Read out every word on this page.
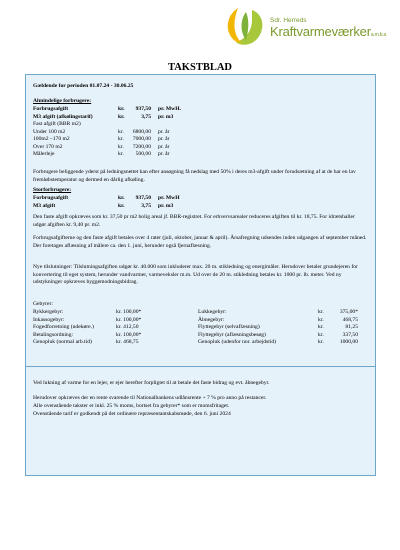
Sdr. Herreds
Kraftvarmeværkera.m.b.a
TAKSTBLAD
Gældende for perioden 01.07.24 - 30.06.25
Almindelige forbrugere:
Forbrugsafgift	kr.	937,50 pr. MwH.
M3 afgift (afkølingstarif)	kr.	3,75 pr. m3
Fast afgift (BBR m2)
Under 100 m2	kr.	6800,00 pr. år
100m2 –170 m2	kr.	7000,00 pr. år
Over 170 m2	kr.	7200,00 pr. år
Målerleje	kr.	500,00 pr. år
Forbrugere beliggende yderst på ledningsnettet kan efter ansøgning få nedslag med 50% i deres m3-afgift under forudsætning af at de har en lav fremløbstemperatur og dermed en dårlig afkøling.
Storforbrugere:
Forbrugsafgift	kr.	937,50 pr. MwH
M3 afgift	kr.	3,75 pr. m3
Den faste afgift opkræves som kr. 37,50 pr m2 bolig areal jf. BBR-registret. For erhvervsarealer reduceres afgiften til kr. 18,75. For idrætshaller udgør afgiften kr. 9,40 pr. m2.
Forbrugsafgifterne og den faste afgift betales over 4 rater (juli, oktober, januar & april). Årsafregning udsendes inden udgangen af september måned. Der foretages aflæsning af målere ca. den 1. juni, herunder også fjernaflæsning.
Nye tilslutninger: Tilslutningsafgiften udgør kr. 40.000 som inkluderer max. 20 m. stikledning og energimåler. Herudover betaler grundejeren for konvertering til eget system, herunder vandvarmer, varmeveksler m.m. Ud over de 20 m. stikledning betales kr. 1000 pr. lb. meter. Ved ny udstykninger opkræves byggemodningsbidrag.
Gebyrer:
Rykkergebyr:	kr. 100,00*
Inkassogebyr:	kr. 100,00*
Fogedforretning (udekøre.)	kr. 412,50
Betalingsordning:	kr. 100,00*
Genopluk (normal arb.tid)	kr. 468,75
Lukkegebyr:	kr.	375,00*
Åbnegebyr:	kr.	468,75
Flyttegebyr (selvaflæsning)	kr.	81,25
Flyttegebyr (aflæsningsbesøg)	kr.	337,50
Genopluk (udenfor nor. arbejdstid)	kr.	1000,00
Ved lukning af varme for en lejer, er ejer herefter forpligtet til at betale det faste bidrag og evt. åbnegebyr.
Herudover opkræves der en rente svarende til Nationalbankens udlånsrente + 7 % pro anno på restancer.
Alle ovenstående takster er inkl. 25 % moms, bortset fra gebyrer* som er momsfritaget.
Ovenstående tarif er godkendt på det ordinære repræsentantskabsmøde, den 6. juni 2024
